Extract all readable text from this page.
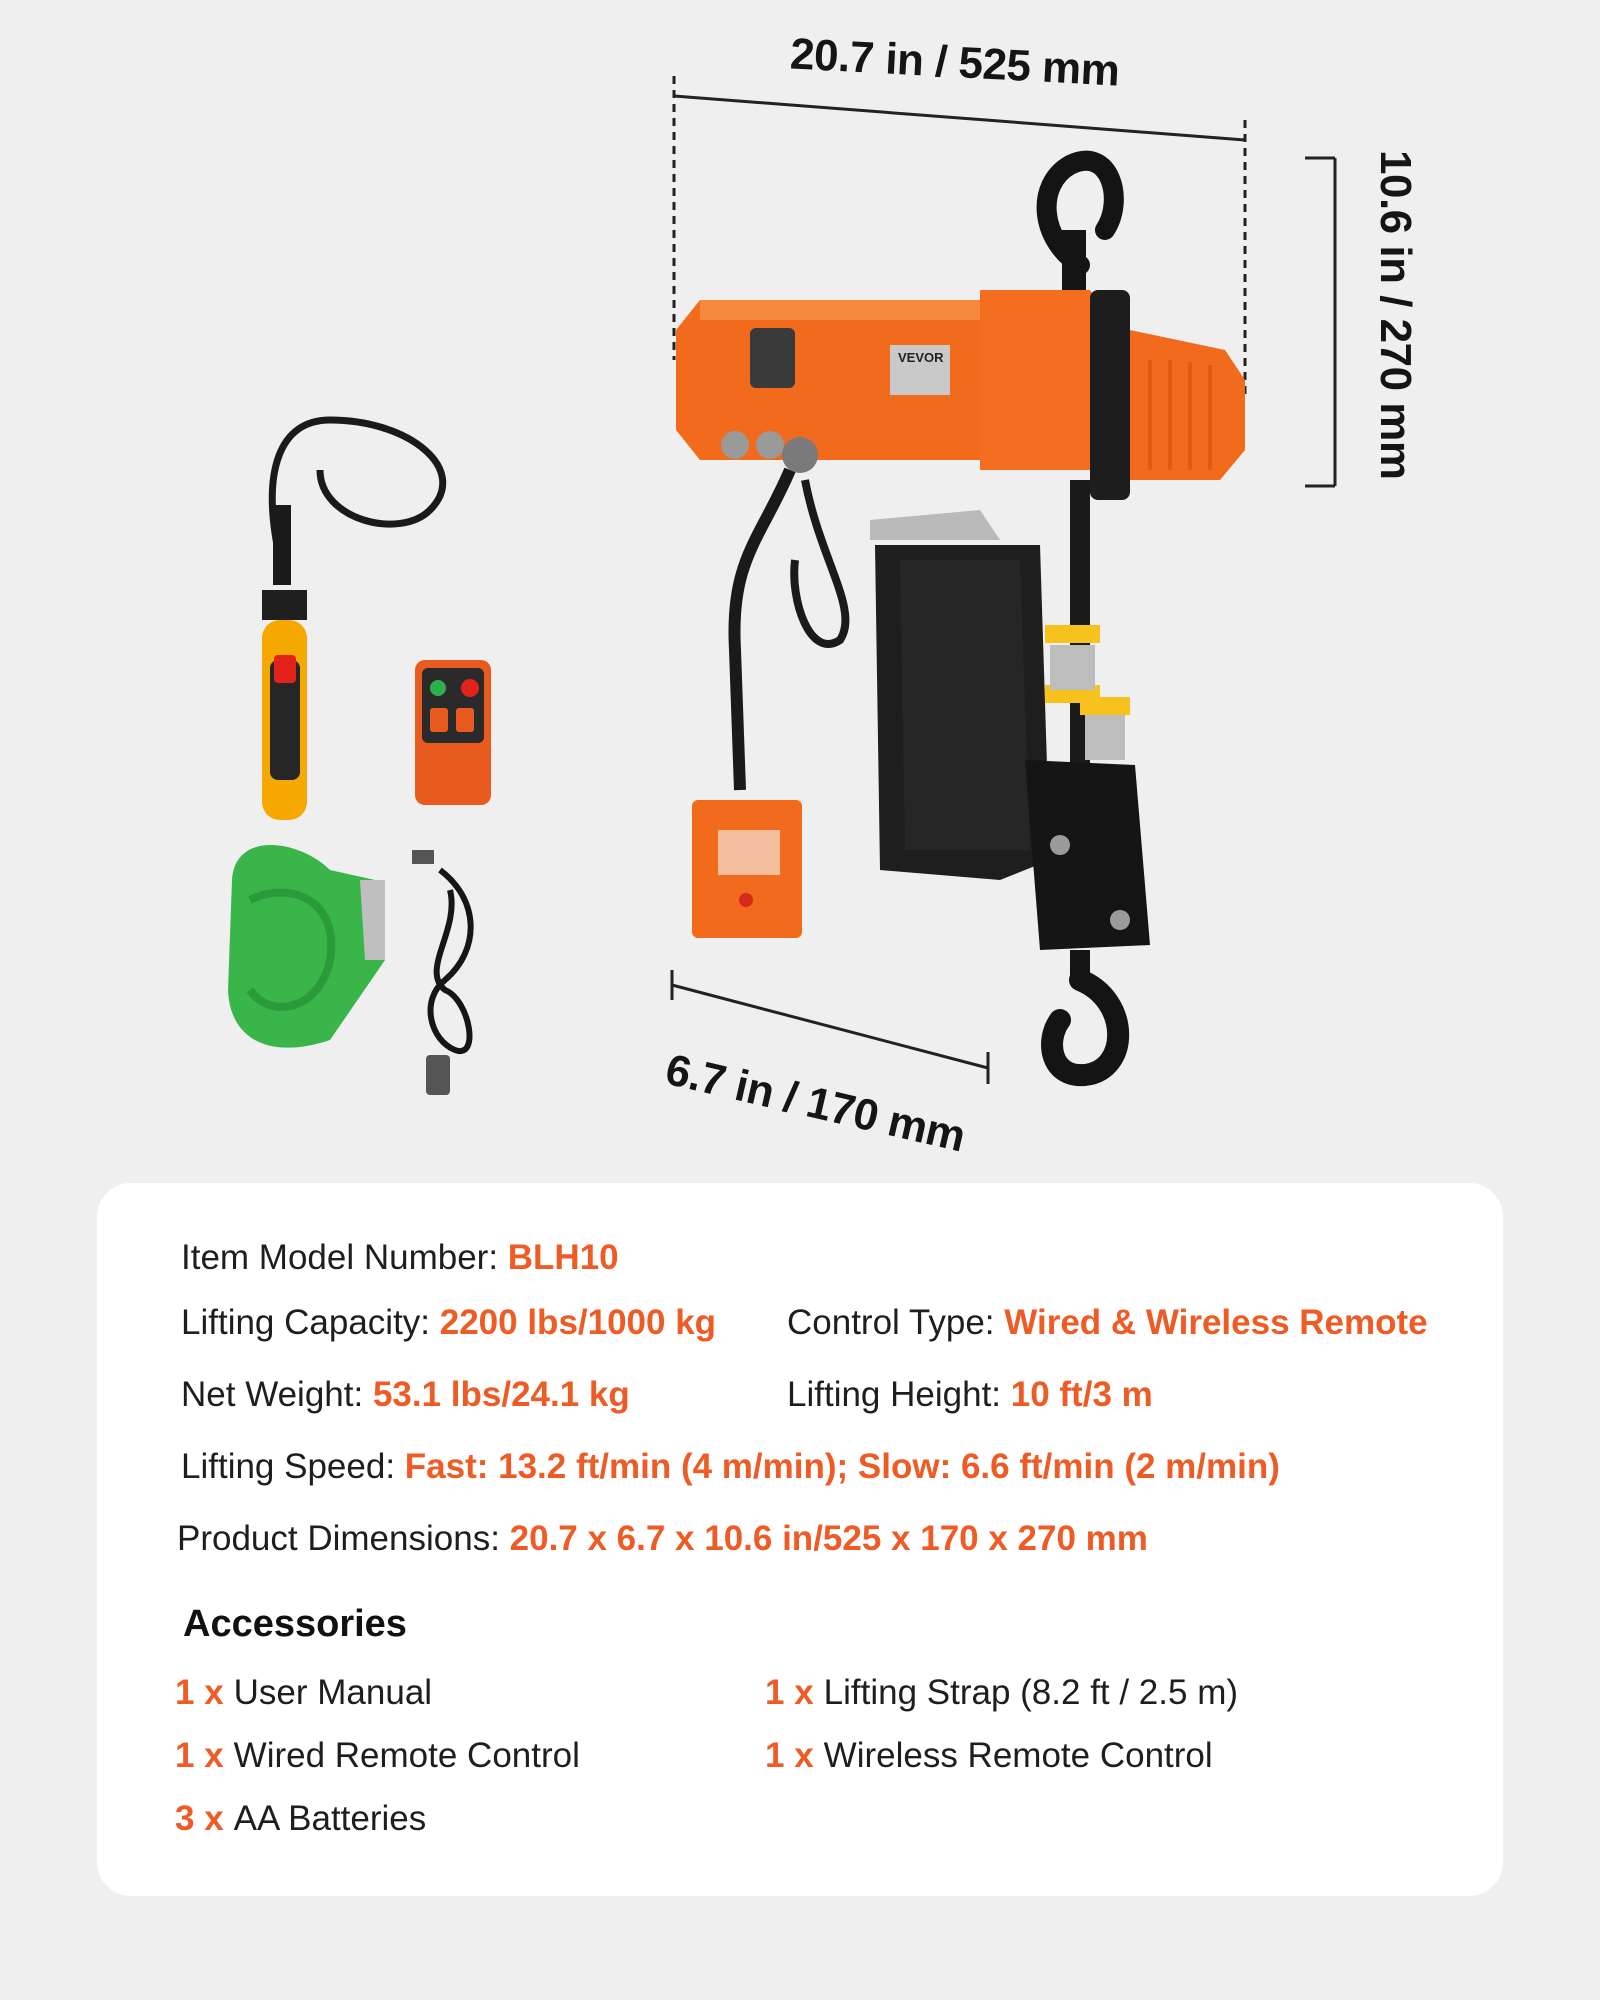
VEVOR
20.7 in / 525 mm
10.6 in / 270 mm
6.7 in / 170 mm
Item Model Number: BLH10
Lifting Capacity: 2200 lbs/1000 kg Control Type: Wired & Wireless Remote
Net Weight: 53.1 lbs/24.1 kg	Lifting Height: 10 ft/3 m
Lifting Speed: Fast: 13.2 ft/min (4 m/min); Slow: 6.6 ft/min (2 m/min)
Product Dimensions: 20.7 x 6.7 x 10.6 in/525 x 170 x 270 mm
Accessories
1 x User Manual	1 x Lifting Strap (8.2 ft / 2.5 m)
1 x Wired Remote Control	1 x Wireless Remote Control
3 x AA Batteries
